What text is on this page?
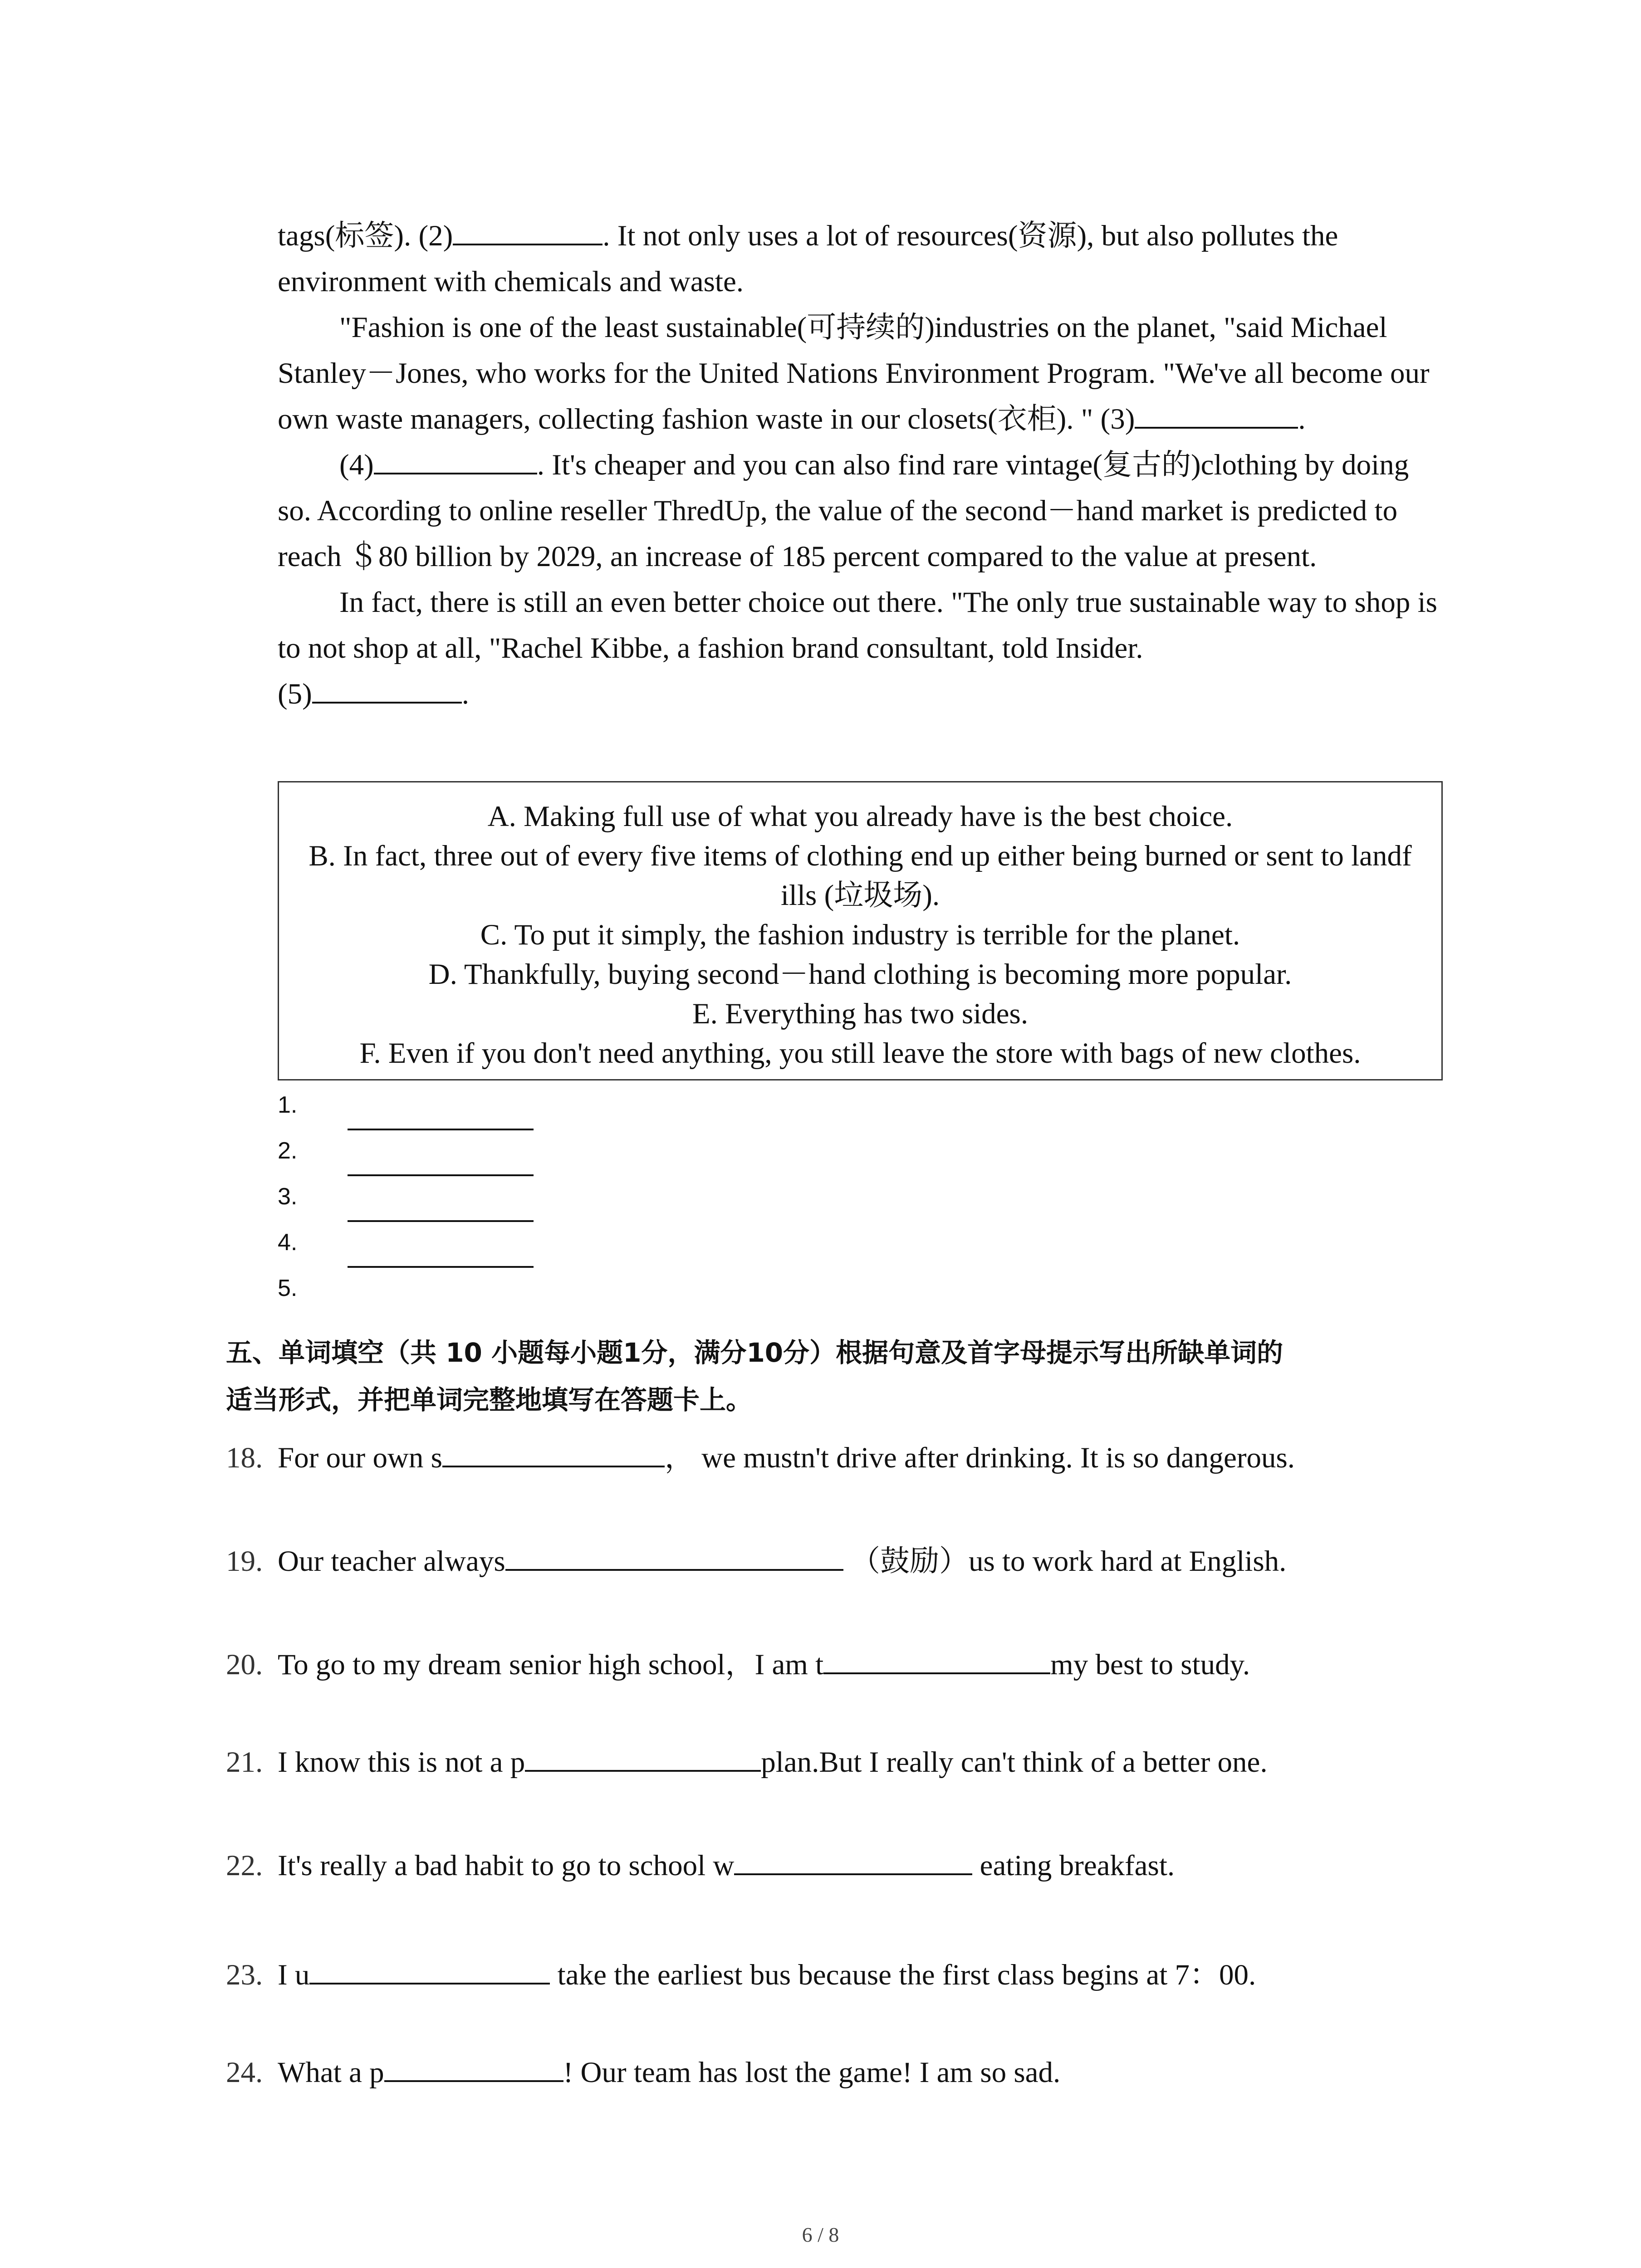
tags(标签). (2)	. It not only uses a lot of resources(资源), but also pollutes the environment with chemicals and waste.

"Fashion is one of the least sustainable(可持续的)industries on the planet, "said Michael Stanley－Jones, who works for the United Nations Environment Program. "We've all become our own waste managers, collecting fashion waste in our closets(衣柜). " (3)	.

(4)	. It's cheaper and you can also find rare vintage(复古的)clothing by doing so. According to online reseller ThredUp, the value of the second－hand market is predicted to reach ＄80 billion by 2029, an increase of 185 percent compared to the value at present.

In fact, there is still an even better choice out there. "The only true sustainable way to shop is to not shop at all, "Rachel Kibbe, a fashion brand consultant, told Insider.

(5)	.

A. Making full use of what you already have is the best choice.
B. In fact, three out of every five items of clothing end up either being burned or sent to landf ills (垃圾场).
C. To put it simply, the fashion industry is terrible for the planet.
D. Thankfully, buying second－hand clothing is becoming more popular.
E. Everything has two sides.
F. Even if you don't need anything, you still leave the store with bags of new clothes.
1.
2.
3.
4.
5.

五、单词填空（共 10 小题每小题1分，满分10分）根据句意及首字母提示写出所缺单词的

适当形式，并把单词完整地填写在答题卡上。

18. For our own s	， we mustn't drive after drinking. It is so dangerous.
19. Our teacher always	（鼓励）us to work hard at English.
20. To go to my dream senior high school，I am t	my best to study.
21. I know this is not a p	plan.But I really can't think of a better one.
22. It's really a bad habit to go to school w	eating breakfast.
23. I u	take the earliest bus because the first class begins at 7：00.
24. What a p	! Our team has lost the game! I am so sad.
6 / 8
